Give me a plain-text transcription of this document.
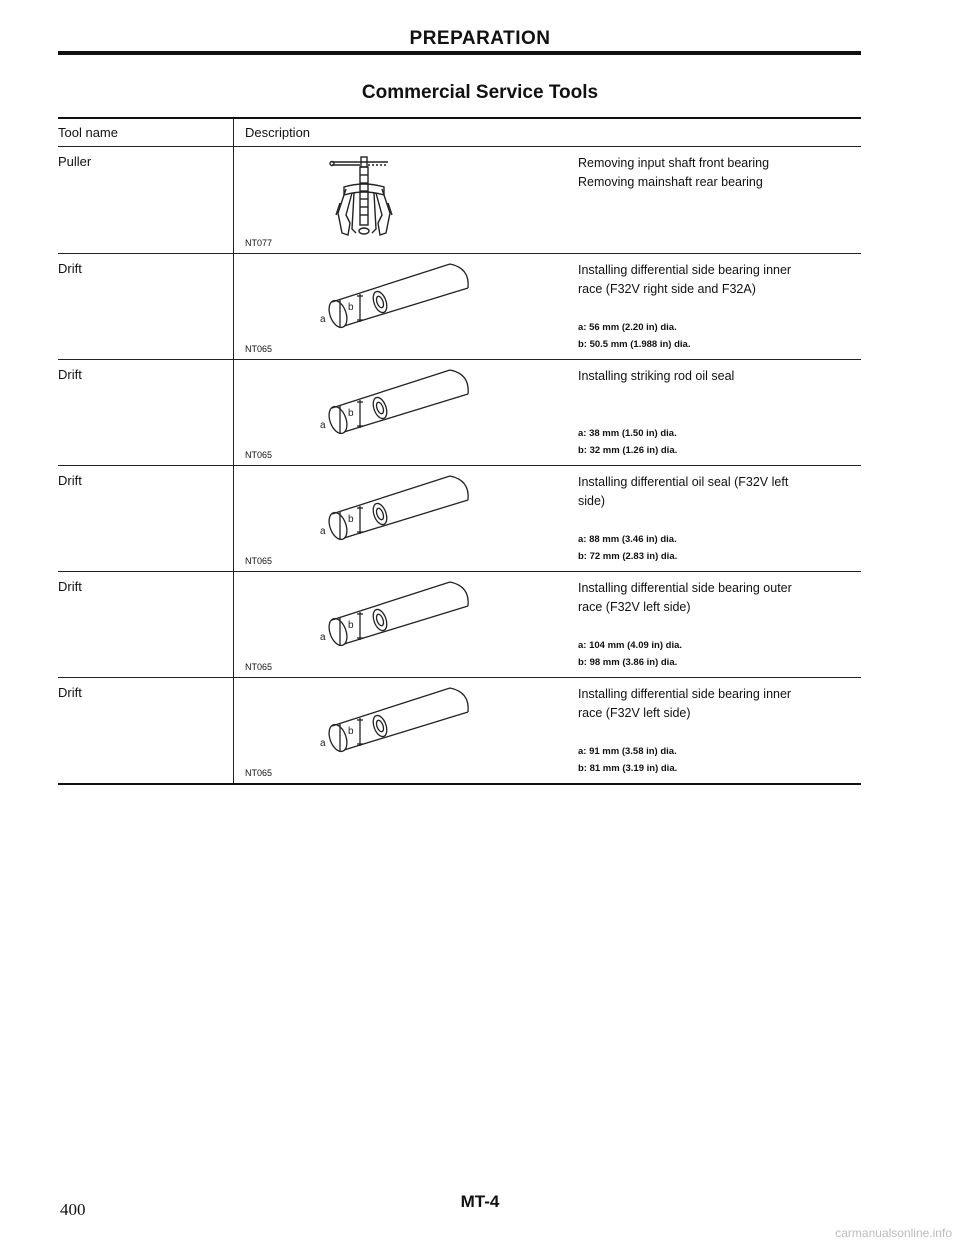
PREPARATION
Commercial Service Tools
Tool name	Description
Puller
NT077
Removing input shaft front bearing
Removing mainshaft rear bearing
Drift
a
b
NT065
Installing differential side bearing inner
race (F32V right side and F32A)
a: 56 mm (2.20 in) dia.
b: 50.5 mm (1.988 in) dia.
Drift
a
b
NT065
Installing striking rod oil seal
a: 38 mm (1.50 in) dia.
b: 32 mm (1.26 in) dia.
Drift
a
b
NT065
Installing differential oil seal (F32V left
side)
a: 88 mm (3.46 in) dia.
b: 72 mm (2.83 in) dia.
Drift
a
b
NT065
Installing differential side bearing outer
race (F32V left side)
a: 104 mm (4.09 in) dia.
b: 98 mm (3.86 in) dia.
Drift
a
b
NT065
Installing differential side bearing inner
race (F32V left side)
a: 91 mm (3.58 in) dia.
b: 81 mm (3.19 in) dia.
400	MT-4
carmanualsonline.info
